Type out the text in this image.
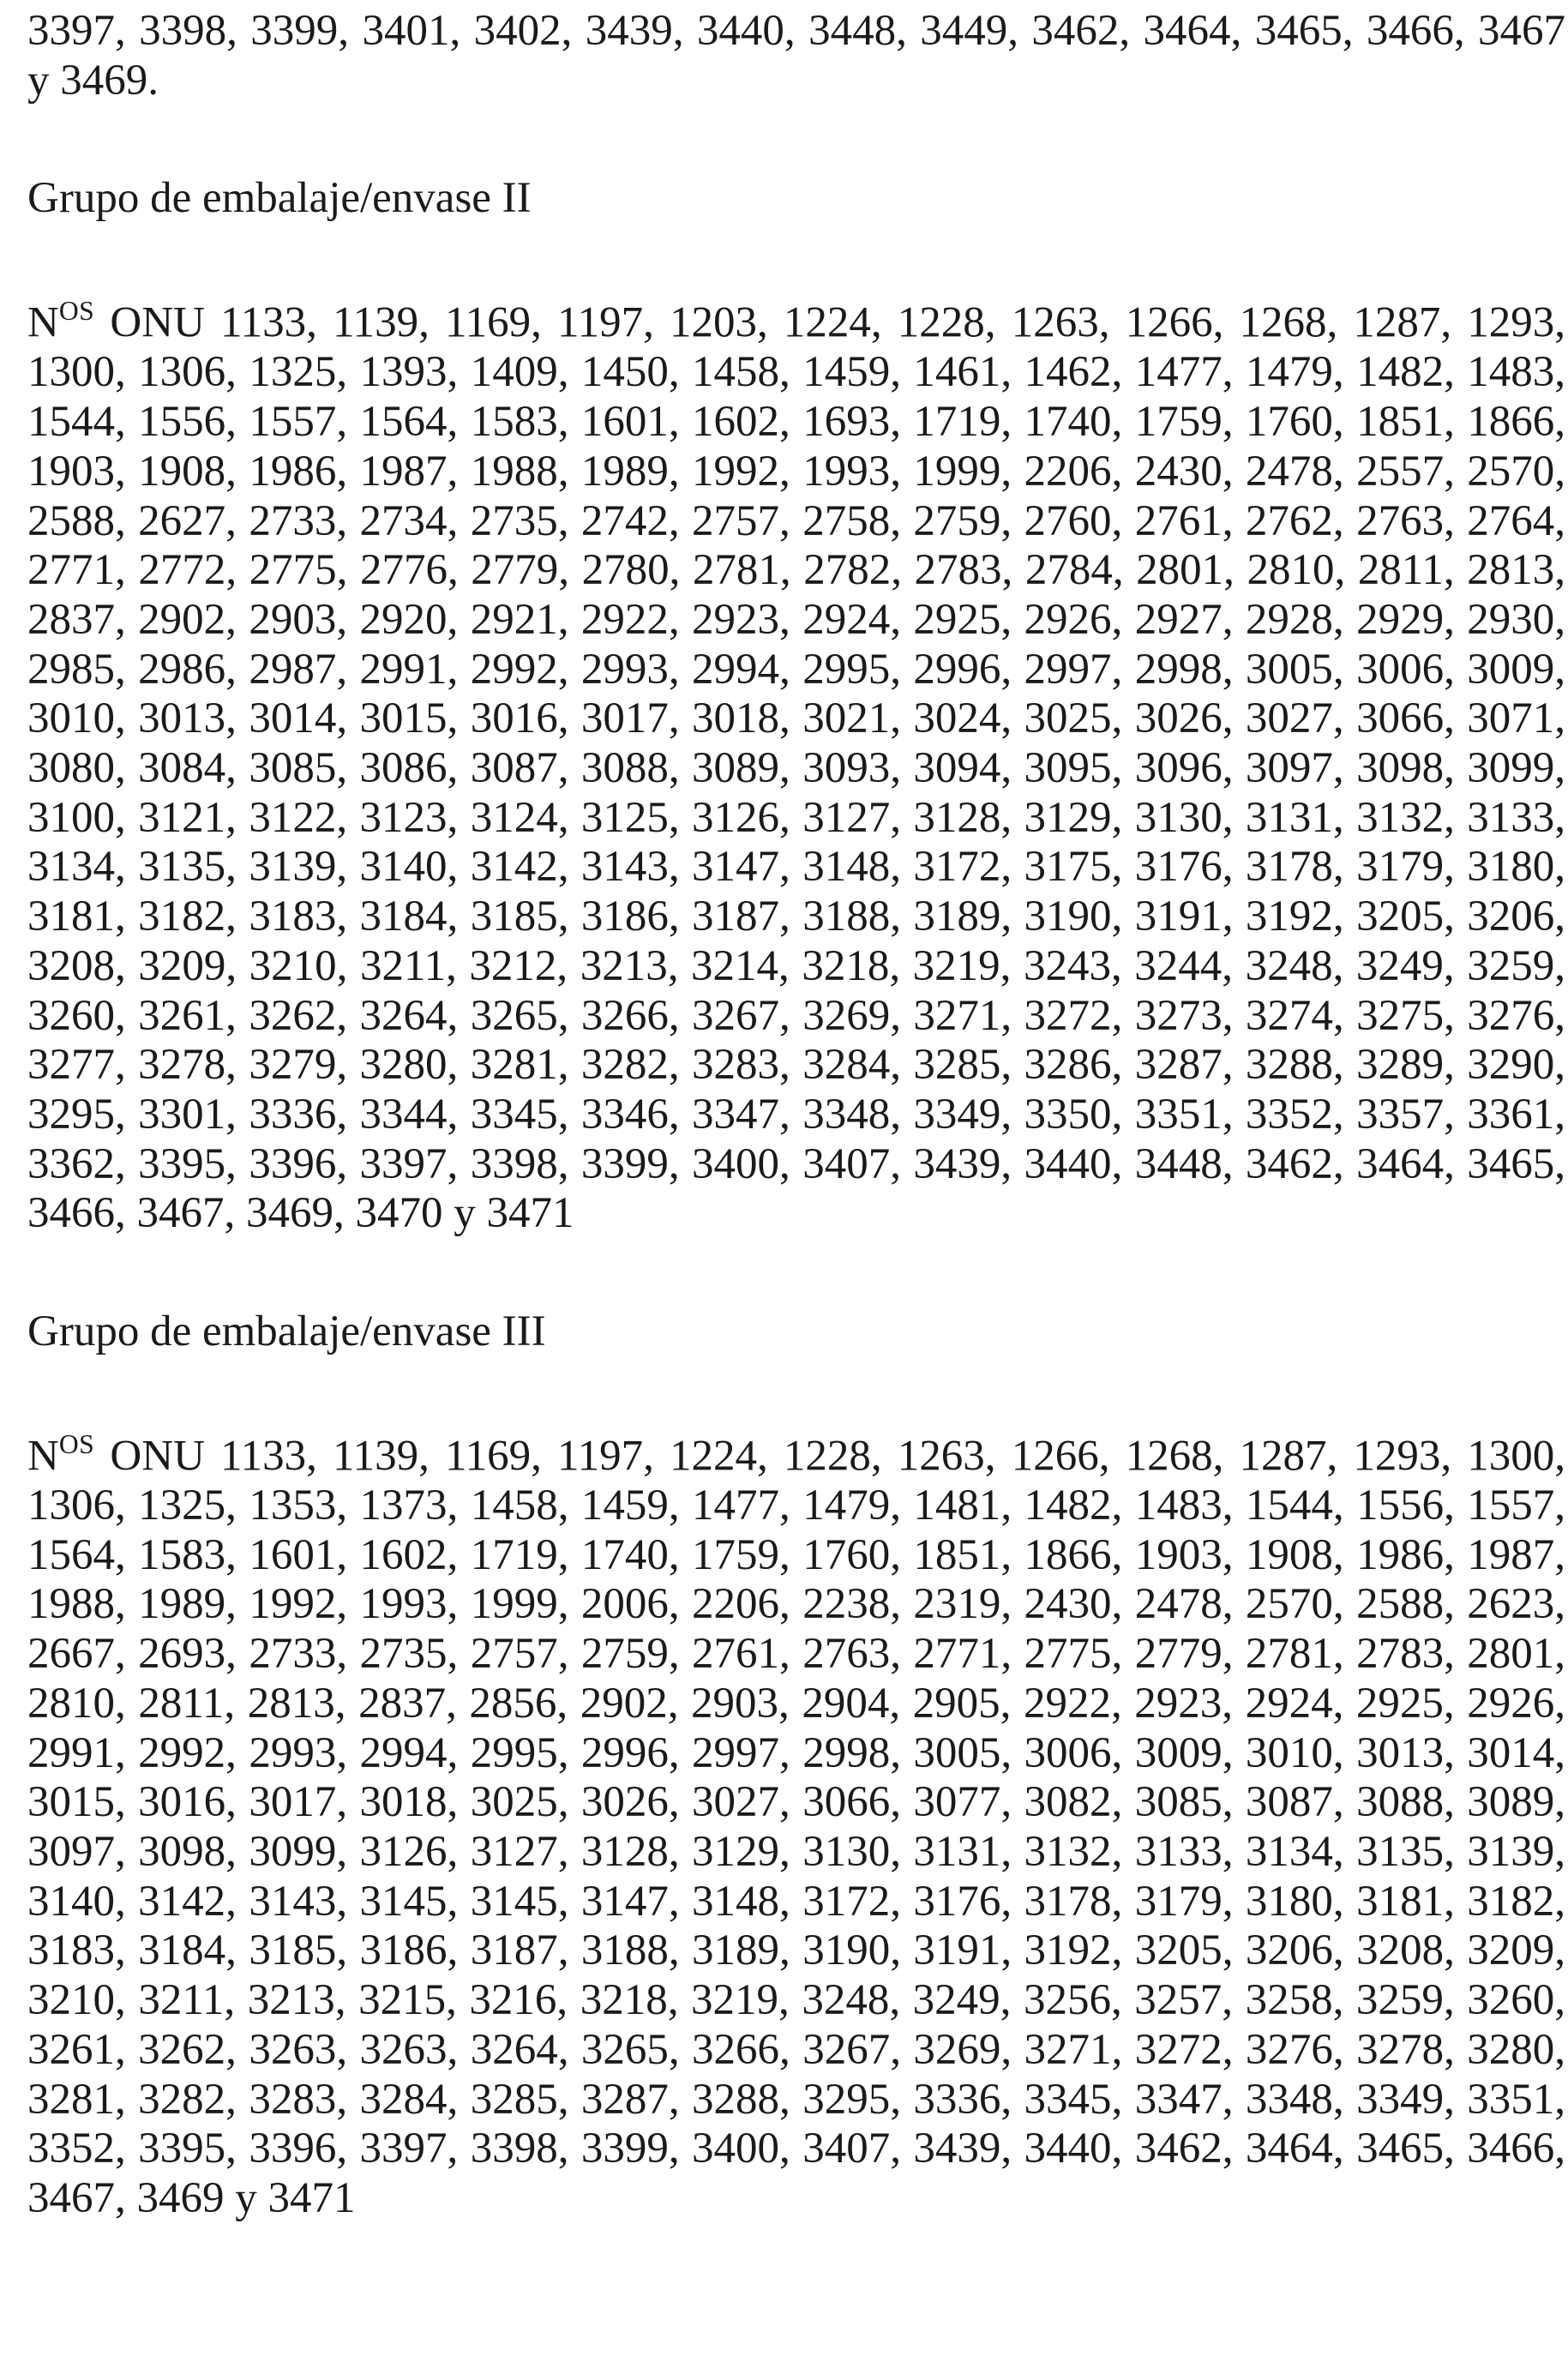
3397, 3398, 3399, 3401, 3402, 3439, 3440, 3448, 3449, 3462, 3464, 3465, 3466, 3467 y 3469.

Grupo de embalaje/envase II

$N^{OS}$ ONU 1133, 1139, 1169, 1197, 1203, 1224, 1228, 1263, 1266, 1268, 1287, 1293, 1300, 1306, 1325, 1393, 1409, 1450, 1458, 1459, 1461, 1462, 1477, 1479, 1482, 1483, 1544, 1556, 1557, 1564, 1583, 1601, 1602, 1693, 1719, 1740, 1759, 1760, 1851, 1866, 1903, 1908, 1986, 1987, 1988, 1989, 1992, 1993, 1999, 2206, 2430, 2478, 2557, 2570, 2588, 2627, 2733, 2734, 2735, 2742, 2757, 2758, 2759, 2760, 2761, 2762, 2763, 2764, 2771, 2772, 2775, 2776, 2779, 2780, 2781, 2782, 2783, 2784, 2801, 2810, 2811, 2813, 2837, 2902, 2903, 2920, 2921, 2922, 2923, 2924, 2925, 2926, 2927, 2928, 2929, 2930, 2985, 2986, 2987, 2991, 2992, 2993, 2994, 2995, 2996, 2997, 2998, 3005, 3006, 3009, 3010, 3013, 3014, 3015, 3016, 3017, 3018, 3021, 3024, 3025, 3026, 3027, 3066, 3071, 3080, 3084, 3085, 3086, 3087, 3088, 3089, 3093, 3094, 3095, 3096, 3097, 3098, 3099, 3100, 3121, 3122, 3123, 3124, 3125, 3126, 3127, 3128, 3129, 3130, 3131, 3132, 3133, 3134, 3135, 3139, 3140, 3142, 3143, 3147, 3148, 3172, 3175, 3176, 3178, 3179, 3180, 3181, 3182, 3183, 3184, 3185, 3186, 3187, 3188, 3189, 3190, 3191, 3192, 3205, 3206, 3208, 3209, 3210, 3211, 3212, 3213, 3214, 3218, 3219, 3243, 3244, 3248, 3249, 3259, 3260, 3261, 3262, 3264, 3265, 3266, 3267, 3269, 3271, 3272, 3273, 3274, 3275, 3276, 3277, 3278, 3279, 3280, 3281, 3282, 3283, 3284, 3285, 3286, 3287, 3288, 3289, 3290, 3295, 3301, 3336, 3344, 3345, 3346, 3347, 3348, 3349, 3350, 3351, 3352, 3357, 3361, 3362, 3395, 3396, 3397, 3398, 3399, 3400, 3407, 3439, 3440, 3448, 3462, 3464, 3465, 3466, 3467, 3469, 3470 y 3471

Grupo de embalaje/envase III

$N^{OS}$ ONU 1133, 1139, 1169, 1197, 1224, 1228, 1263, 1266, 1268, 1287, 1293, 1300, 1306, 1325, 1353, 1373, 1458, 1459, 1477, 1479, 1481, 1482, 1483, 1544, 1556, 1557, 1564, 1583, 1601, 1602, 1719, 1740, 1759, 1760, 1851, 1866, 1903, 1908, 1986, 1987, 1988, 1989, 1992, 1993, 1999, 2006, 2206, 2238, 2319, 2430, 2478, 2570, 2588, 2623, 2667, 2693, 2733, 2735, 2757, 2759, 2761, 2763, 2771, 2775, 2779, 2781, 2783, 2801, 2810, 2811, 2813, 2837, 2856, 2902, 2903, 2904, 2905, 2922, 2923, 2924, 2925, 2926, 2991, 2992, 2993, 2994, 2995, 2996, 2997, 2998, 3005, 3006, 3009, 3010, 3013, 3014, 3015, 3016, 3017, 3018, 3025, 3026, 3027, 3066, 3077, 3082, 3085, 3087, 3088, 3089, 3097, 3098, 3099, 3126, 3127, 3128, 3129, 3130, 3131, 3132, 3133, 3134, 3135, 3139, 3140, 3142, 3143, 3145, 3145, 3147, 3148, 3172, 3176, 3178, 3179, 3180, 3181, 3182, 3183, 3184, 3185, 3186, 3187, 3188, 3189, 3190, 3191, 3192, 3205, 3206, 3208, 3209, 3210, 3211, 3213, 3215, 3216, 3218, 3219, 3248, 3249, 3256, 3257, 3258, 3259, 3260, 3261, 3262, 3263, 3263, 3264, 3265, 3266, 3267, 3269, 3271, 3272, 3276, 3278, 3280, 3281, 3282, 3283, 3284, 3285, 3287, 3288, 3295, 3336, 3345, 3347, 3348, 3349, 3351, 3352, 3395, 3396, 3397, 3398, 3399, 3400, 3407, 3439, 3440, 3462, 3464, 3465, 3466, 3467, 3469 y 3471
